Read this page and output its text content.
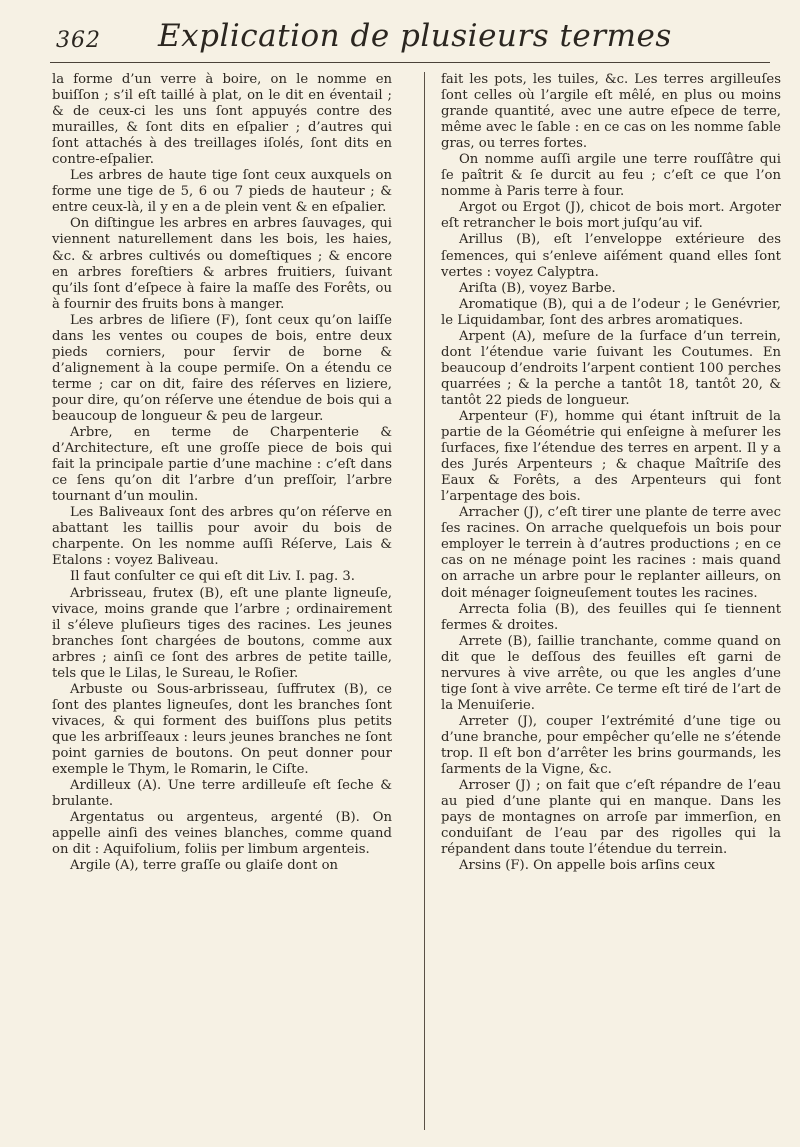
362 Explication de plusieurs termes

la forme d’un verre à boire, on le nomme en buiſſon ; s’il eſt taillé à plat, on le dit en éventail ; & de ceux-ci les uns ſont appuyés contre des murailles, & ſont dits en eſpalier ; d’autres qui ſont attachés à des treillages iſolés, ſont dits en contre-eſpalier.

Les arbres de haute tige ſont ceux auxquels on forme une tige de 5, 6 ou 7 pieds de hauteur ; & entre ceux-là, il y en a de plein vent & en eſpalier.

On diſtingue les arbres en arbres ſauvages, qui viennent naturellement dans les bois, les haies, &c. & arbres cultivés ou domeſtiques ; & encore en arbres foreſtiers & arbres fruitiers, ſuivant qu’ils ſont d’eſpece à faire la maſſe des Forêts, ou à fournir des fruits bons à manger.

Les arbres de liſiere (F), ſont ceux qu’on laiſſe dans les ventes ou coupes de bois, entre deux pieds corniers, pour ſervir de borne & d’alignement à la coupe permiſe. On a étendu ce terme ; car on dit, faire des réſerves en liziere, pour dire, qu’on réſerve une étendue de bois qui a beaucoup de longueur & peu de largeur.

Arbre, en terme de Charpenterie & d’Architecture, eſt une groſſe piece de bois qui fait la principale partie d’une machine : c’eſt dans ce ſens qu’on dit l’arbre d’un preſſoir, l’arbre tournant d’un moulin.

Les Baliveaux ſont des arbres qu’on réſerve en abattant les taillis pour avoir du bois de charpente. On les nomme auſſi Réſerve, Lais & Etalons : voyez Baliveau.

Il faut conſulter ce qui eſt dit Liv. I. pag. 3.

Arbrisseau, frutex (B), eſt une plante ligneuſe, vivace, moins grande que l’arbre ; ordinairement il s’éleve pluſieurs tiges des racines. Les jeunes branches ſont chargées de boutons, comme aux arbres ; ainſi ce ſont des arbres de petite taille, tels que le Lilas, le Sureau, le Roſier.

Arbuste ou Sous-arbrisseau, ſuffrutex (B), ce ſont des plantes ligneuſes, dont les branches ſont vivaces, & qui forment des buiſſons plus petits que les arbriſſeaux : leurs jeunes branches ne ſont point garnies de boutons. On peut donner pour exemple le Thym, le Romarin, le Ciſte.

Ardilleux (A). Une terre ardilleuſe eſt ſeche & brulante.

Argentatus ou argenteus, argenté (B). On appelle ainſi des veines blanches, comme quand on dit : Aquifolium, foliis per limbum argenteis.

Argile (A), terre graſſe ou glaiſe dont on

fait les pots, les tuiles, &c. Les terres argilleuſes ſont celles où l’argile eſt mêlé, en plus ou moins grande quantité, avec une autre eſpece de terre, même avec le ſable : en ce cas on les nomme ſable gras, ou terres fortes.

On nomme auſſi argile une terre rouſſâtre qui ſe paîtrit & ſe durcit au feu ; c’eſt ce que l’on nomme à Paris terre à four.

Argot ou Ergot (J), chicot de bois mort. Argoter eſt retrancher le bois mort juſqu’au vif.

Arillus (B), eſt l’enveloppe extérieure des ſemences, qui s’enleve aiſément quand elles ſont vertes : voyez Calyptra.

Ariſta (B), voyez Barbe.

Aromatique (B), qui a de l’odeur ; le Genévrier, le Liquidambar, ſont des arbres aromatiques.

Arpent (A), meſure de la ſurface d’un terrein, dont l’étendue varie ſuivant les Coutumes. En beaucoup d’endroits l’arpent contient 100 perches quarrées ; & la perche a tantôt 18, tantôt 20, & tantôt 22 pieds de longueur.

Arpenteur (F), homme qui étant inſtruit de la partie de la Géométrie qui enſeigne à meſurer les ſurfaces, fixe l’étendue des terres en arpent. Il y a des Jurés Arpenteurs ; & chaque Maîtriſe des Eaux & Forêts, a des Arpenteurs qui font l’arpentage des bois.

Arracher (J), c’eſt tirer une plante de terre avec ſes racines. On arrache quelquefois un bois pour employer le terrein à d’autres productions ; en ce cas on ne ménage point les racines : mais quand on arrache un arbre pour le replanter ailleurs, on doit ménager ſoigneuſement toutes les racines.

Arrecta folia (B), des feuilles qui ſe tiennent fermes & droites.

Arrete (B), ſaillie tranchante, comme quand on dit que le deſſous des feuilles eſt garni de nervures à vive arrête, ou que les angles d’une tige ſont à vive arrête. Ce terme eſt tiré de l’art de la Menuiſerie.

Arreter (J), couper l’extrémité d’une tige ou d’une branche, pour empêcher qu’elle ne s’étende trop. Il eſt bon d’arrêter les brins gourmands, les ſarments de la Vigne, &c.

Arroser (J) ; on fait que c’eſt répandre de l’eau au pied d’une plante qui en manque. Dans les pays de montagnes on arroſe par immerſion, en conduiſant de l’eau par des rigolles qui la répandent dans toute l’étendue du terrein.

Arsins (F). On appelle bois arſins ceux
